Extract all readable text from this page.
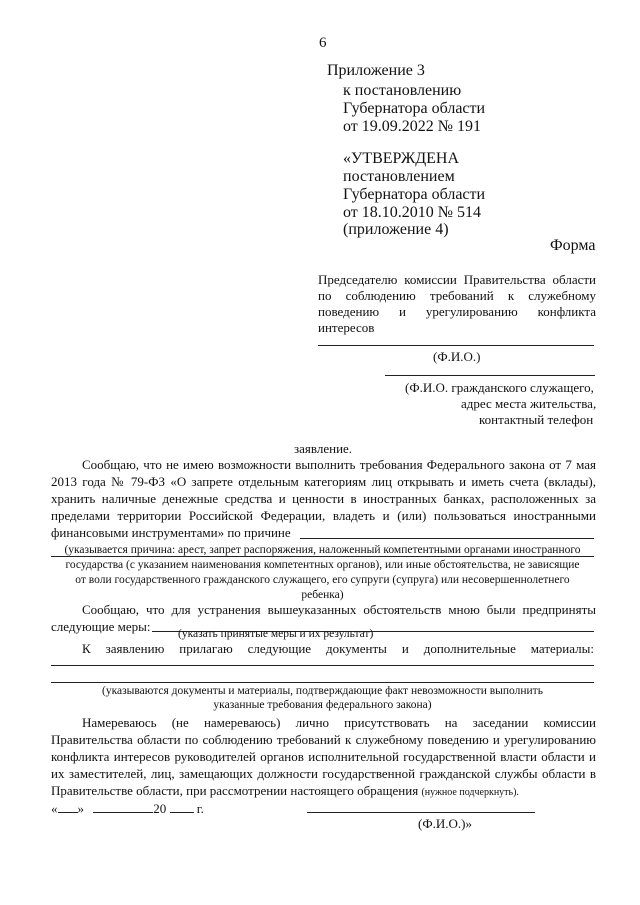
6
Приложение 3
к постановлению
Губернатора области
от 19.09.2022 № 191
«УТВЕРЖДЕНА
постановлением
Губернатора области
от 18.10.2010 № 514
(приложение 4)
Форма
Председателю комиссии Правительства области
по соблюдению требований к служебному
поведению и урегулированию конфликта
интересов
(Ф.И.О.)
(Ф.И.О. гражданского служащего,
адрес места жительства,
контактный телефон
заявление.
Сообщаю, что не имею возможности выполнить требования Федерального закона от 7 мая
2013 года № 79-ФЗ «О запрете отдельным категориям лиц открывать и иметь счета (вклады),
хранить наличные денежные средства и ценности в иностранных банках, расположенных за
пределами территории Российской Федерации, владеть и (или) пользоваться иностранными
финансовыми инструментами» по причине
(указывается причина: арест, запрет распоряжения, наложенный компетентными органами иностранного
государства (с указанием наименования компетентных органов), или иные обстоятельства, не зависящие
от воли государственного гражданского служащего, его супруги (супруга) или несовершеннолетнего
ребенка)
Сообщаю, что для устранения вышеуказанных обстоятельств мною были предприняты
следующие меры: (указать принятые меры и их результат)
К заявлению прилагаю следующие документы и дополнительные материалы:
(указываются документы и материалы, подтверждающие факт невозможности выполнить
указанные требования федерального закона)
Намереваюсь (не намереваюсь) лично присутствовать на заседании комиссии
Правительства области по соблюдению требований к служебному поведению и урегулированию
конфликта интересов руководителей органов исполнительной государственной власти области и
их заместителей, лиц, замещающих должности государственной гражданской службы области в
Правительстве области, при рассмотрении настоящего обращения (нужное подчеркнуть).
« »	20 г.
(Ф.И.О.)»
